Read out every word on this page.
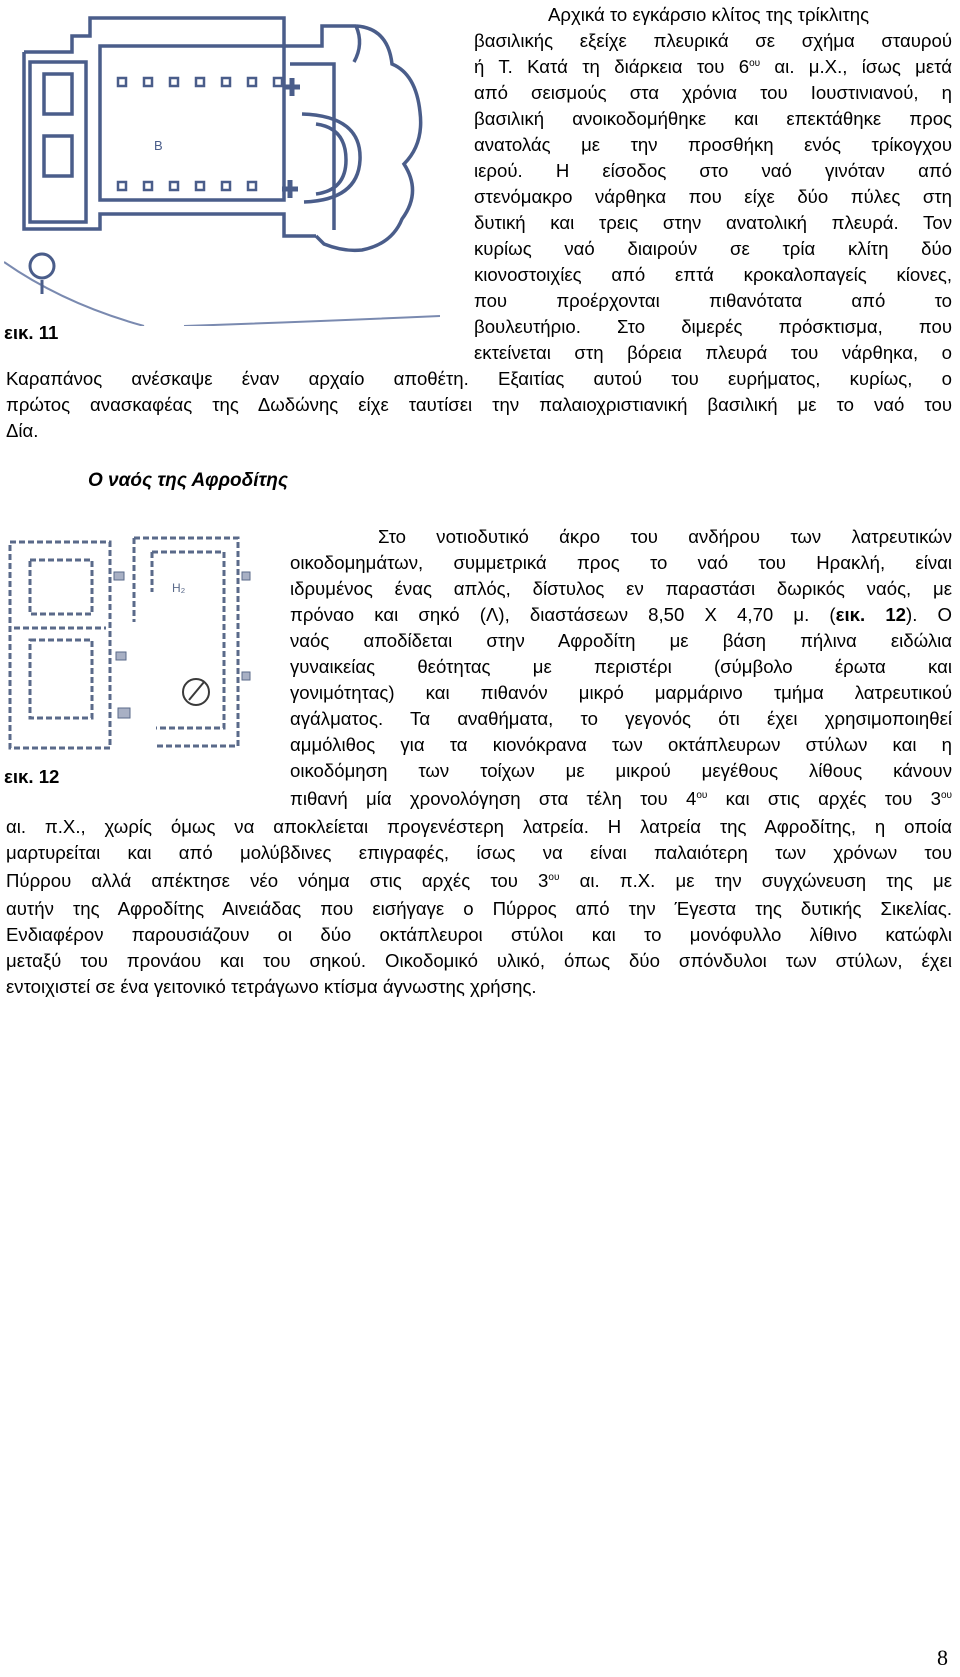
Β
εικ. 11
Αρχικά το εγκάρσιο κλίτος της τρίκλιτης
βασιλικής εξείχε πλευρικά σε σχήμα σταυρού
ή Τ. Κατά τη διάρκεια του $6^{o\upsilon}$ αι. μ.Χ., ίσως μετά
από σεισμούς στα χρόνια του Ιουστινιανού, η
βασιλική ανοικοδομήθηκε και επεκτάθηκε προς
ανατολάς με την προσθήκη ενός τρίκογχου
ιερού. Η είσοδος στο ναό γινόταν από
στενόμακρο νάρθηκα που είχε δύο πύλες στη
δυτική και τρεις στην ανατολική πλευρά. Τον
κυρίως ναό διαιρούν σε τρία κλίτη δύο
κιονοστοιχίες από επτά κροκαλοπαγείς κίονες,
που προέρχονται πιθανότατα από το
βουλευτήριο. Στο διμερές πρόσκτισμα, που
εκτείνεται στη βόρεια πλευρά του νάρθηκα, ο
Καραπάνος ανέσκαψε έναν αρχαίο αποθέτη. Εξαιτίας αυτού του ευρήματος, κυρίως, ο
πρώτος ανασκαφέας της Δωδώνης είχε ταυτίσει την παλαιοχριστιανική βασιλική με το ναό του
Δία.
Ο ναός της Αφροδίτης
Η₂
εικ. 12
Στο νοτιοδυτικό άκρο του ανδήρου των λατρευτικών
οικοδομημάτων, συμμετρικά προς το ναό του Ηρακλή, είναι
ιδρυμένος ένας απλός, δίστυλος εν παραστάσι δωρικός ναός, με
πρόναο και σηκό (Λ), διαστάσεων 8,50 Χ 4,70 μ. (εικ. 12). Ο
ναός αποδίδεται στην Αφροδίτη με βάση πήλινα ειδώλια
γυναικείας θεότητας με περιστέρι (σύμβολο έρωτα και
γονιμότητας) και πιθανόν μικρό μαρμάρινο τμήμα λατρευτικού
αγάλματος. Τα αναθήματα, το γεγονός ότι έχει χρησιμοποιηθεί
αμμόλιθος για τα κιονόκρανα των οκτάπλευρων στύλων και η
οικοδόμηση των τοίχων με μικρού μεγέθους λίθους κάνουν
πιθανή μία χρονολόγηση στα τέλη του $4^{o\upsilon}$ και στις αρχές του $3^{o\upsilon}$
αι. π.Χ., χωρίς όμως να αποκλείεται προγενέστερη λατρεία. Η λατρεία της Αφροδίτης, η οποία
μαρτυρείται και από μολύβδινες επιγραφές, ίσως να είναι παλαιότερη των χρόνων του
Πύρρου αλλά απέκτησε νέο νόημα στις αρχές του $3^{o\upsilon}$ αι. π.Χ. με την συγχώνευση της με
αυτήν της Αφροδίτης Αινειάδας που εισήγαγε ο Πύρρος από την Έγεστα της δυτικής Σικελίας.
Ενδιαφέρον παρουσιάζουν οι δύο οκτάπλευροι στύλοι και το μονόφυλλο λίθινο κατώφλι
μεταξύ του προνάου και του σηκού. Οικοδομικό υλικό, όπως δύο σπόνδυλοι των στύλων, έχει
εντοιχιστεί σε ένα γειτονικό τετράγωνο κτίσμα άγνωστης χρήσης.
8
